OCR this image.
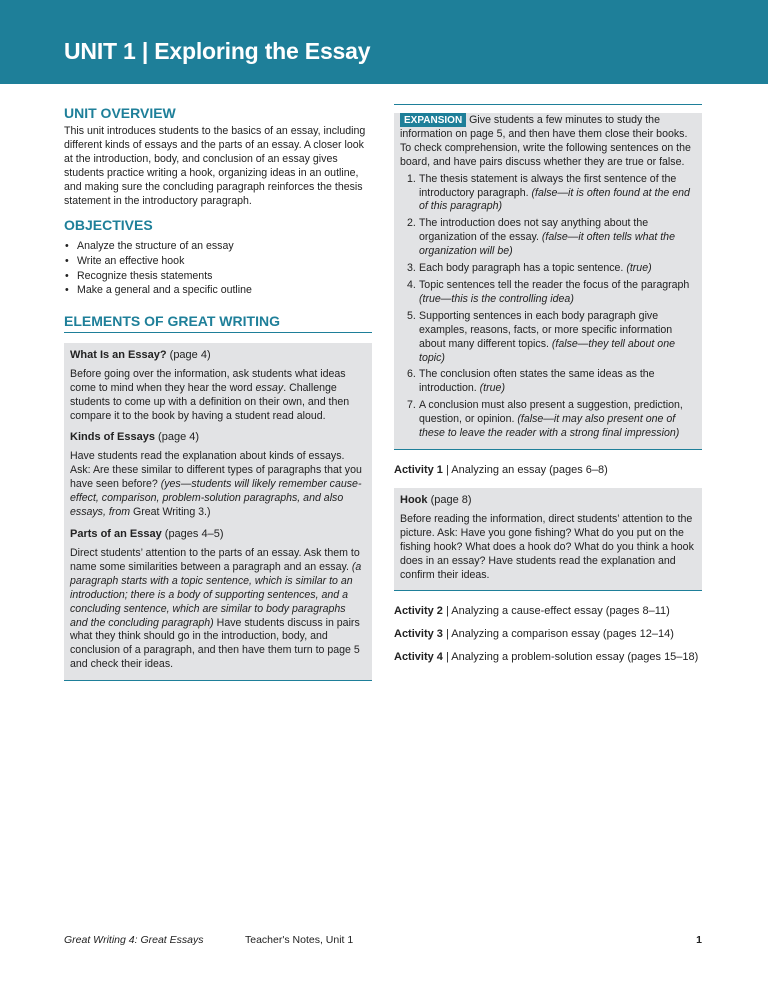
UNIT 1 | Exploring the Essay
UNIT OVERVIEW

This unit introduces students to the basics of an essay, including different kinds of essays and the parts of an essay. A closer look at the introduction, body, and conclusion of an essay gives students practice writing a hook, organizing ideas in an outline, and making sure the concluding paragraph reinforces the thesis statement in the introductory paragraph.

OBJECTIVES
• Analyze the structure of an essay
• Write an effective hook
• Recognize thesis statements
• Make a general and a specific outline
ELEMENTS OF GREAT WRITING

What Is an Essay? (page 4)

Before going over the information, ask students what ideas come to mind when they hear the word essay. Challenge students to come up with a definition on their own, and then compare it to the book by having a student read aloud.

Kinds of Essays (page 4)

Have students read the explanation about kinds of essays. Ask: Are these similar to different types of paragraphs that you have seen before? (yes—students will likely remember cause-effect, comparison, problem-solution paragraphs, and also essays, from Great Writing 3.)

Parts of an Essay (pages 4–5)

Direct students’ attention to the parts of an essay. Ask them to name some similarities between a paragraph and an essay. (a paragraph starts with a topic sentence, which is similar to an introduction; there is a body of supporting sentences, and a concluding sentence, which are similar to body paragraphs and the concluding paragraph) Have students discuss in pairs what they think should go in the introduction, body, and conclusion of a paragraph, and then have them turn to page 5 and check their ideas.

EXPANSION Give students a few minutes to study the information on page 5, and then have them close their books. To check comprehension, write the following sentences on the board, and have pairs discuss whether they are true or false.

1. The thesis statement is always the first sentence of the introductory paragraph. (false—it is often found at the end of this paragraph)
2. The introduction does not say anything about the organization of the essay. (false—it often tells what the organization will be)
3. Each body paragraph has a topic sentence. (true)
4. Topic sentences tell the reader the focus of the paragraph (true—this is the controlling idea)
5. Supporting sentences in each body paragraph give examples, reasons, facts, or more specific information about many different topics. (false—they tell about one topic)
6. The conclusion often states the same ideas as the introduction. (true)
7. A conclusion must also present a suggestion, prediction, question, or opinion. (false—it may also present one of these to leave the reader with a strong final impression)

Activity 1 | Analyzing an essay (pages 6–8)

Hook (page 8)

Before reading the information, direct students’ attention to the picture. Ask: Have you gone fishing? What do you put on the fishing hook? What does a hook do? What do you think a hook does in an essay? Have students read the explanation and confirm their ideas.

Activity 2 | Analyzing a cause-effect essay (pages 8–11)

Activity 3 | Analyzing a comparison essay (pages 12–14)

Activity 4 | Analyzing a problem-solution essay (pages 15–18)

Great Writing 4: Great Essays	Teacher's Notes, Unit 1	1
